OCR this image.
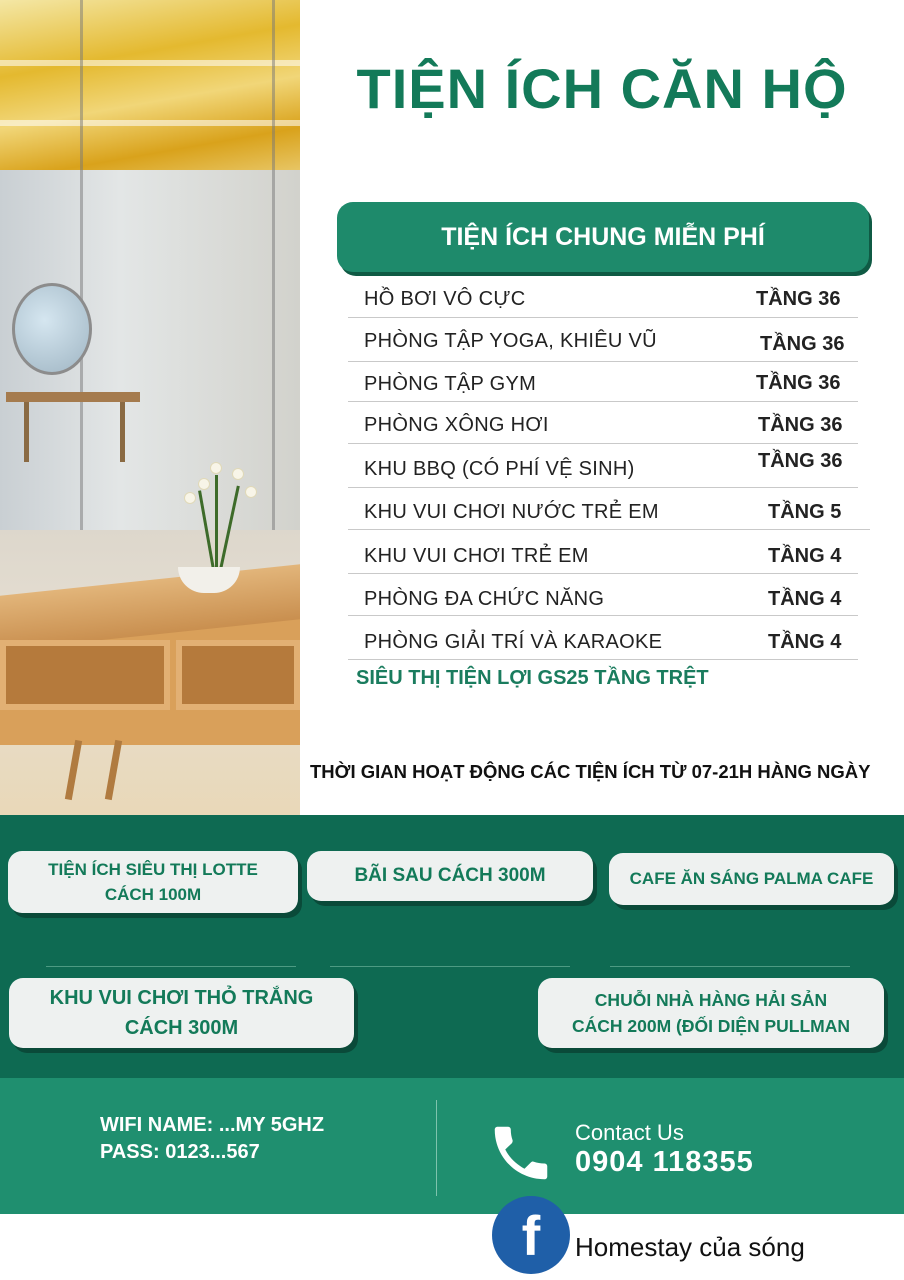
TIỆN ÍCH CĂN HỘ
TIỆN ÍCH CHUNG MIỄN PHÍ
HỒ BƠI VÔ CỰC	TẦNG 36
PHÒNG TẬP YOGA, KHIÊU VŨ	TẦNG 36
PHÒNG TẬP GYM	TẦNG 36
PHÒNG XÔNG HƠI	TẦNG 36
KHU BBQ (CÓ PHÍ VỆ SINH)	TẦNG 36
KHU VUI CHƠI NƯỚC TRẺ EM	TẦNG 5
KHU VUI CHƠI TRẺ EM	TẦNG 4
PHÒNG ĐA CHỨC NĂNG	TẦNG 4
PHÒNG GIẢI TRÍ VÀ KARAOKE	TẦNG 4
SIÊU THỊ TIỆN LỢI GS25 TẦNG TRỆT
THỜI GIAN HOẠT ĐỘNG CÁC TIỆN ÍCH TỪ 07-21H HÀNG NGÀY
TIỆN ÍCH SIÊU THỊ LOTTE
CÁCH 100M
BÃI SAU CÁCH 300M	CAFE ĂN SÁNG PALMA CAFE
KHU VUI CHƠI THỎ TRẮNG
CÁCH 300M
CHUỖI NHÀ HÀNG HẢI SẢN
CÁCH 200M (ĐỐI DIỆN PULLMAN
WIFI NAME: ...MY 5GHZ
PASS: 0123...567
Contact Us
0904 118355
f	Homestay của sóng
